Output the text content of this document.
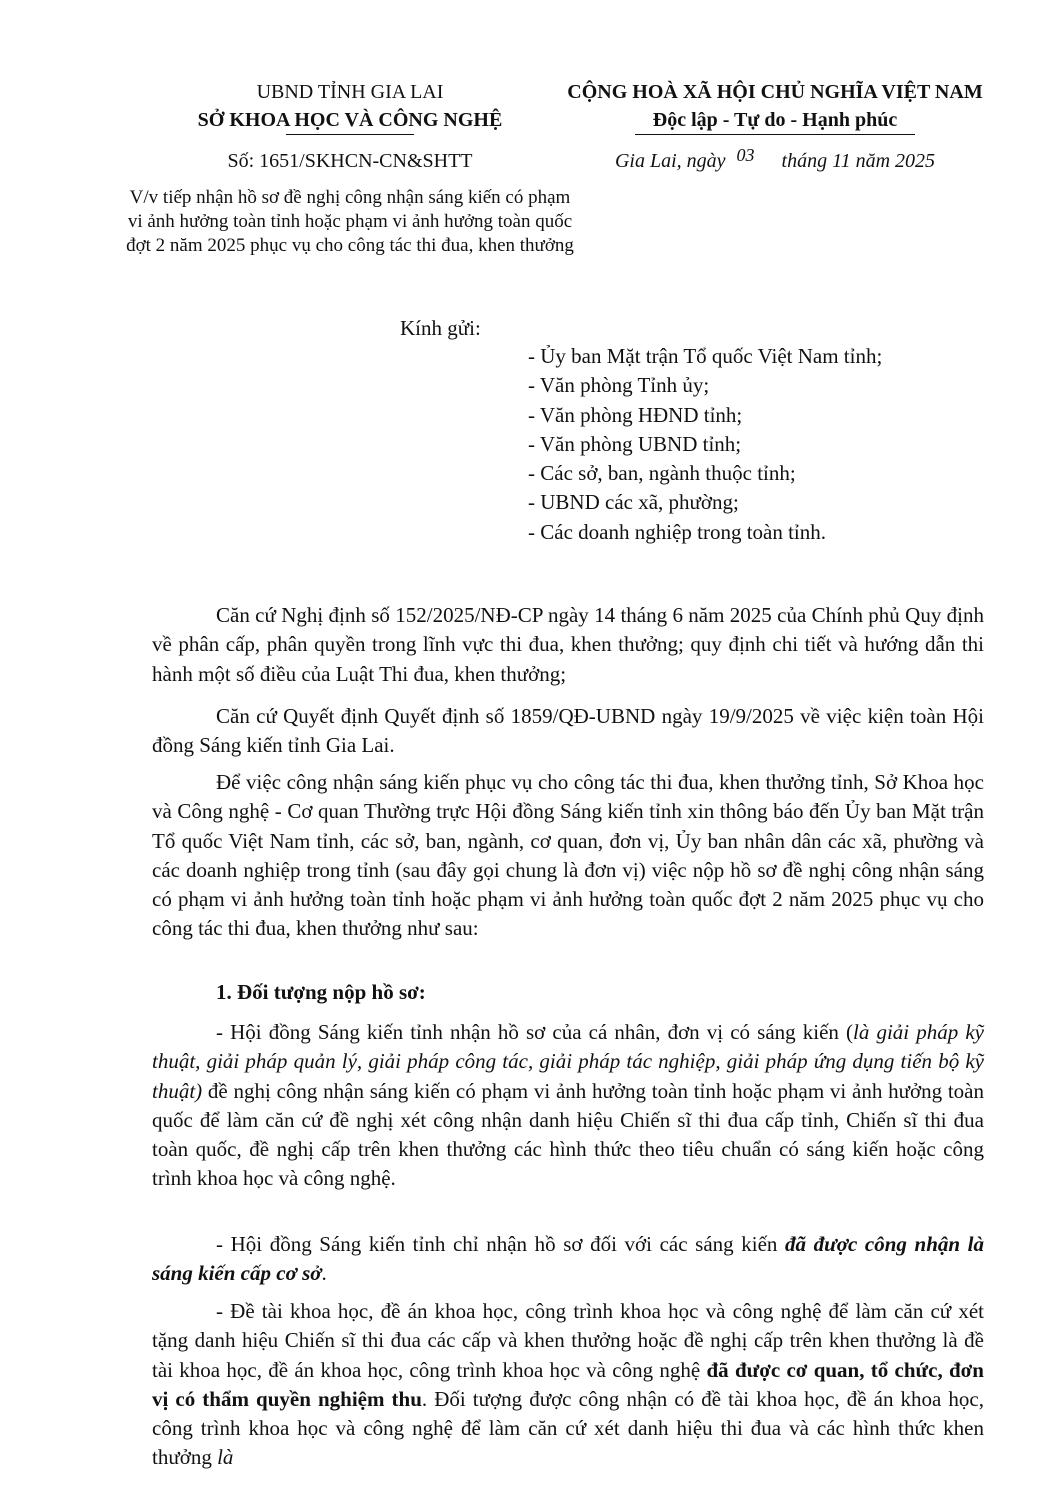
UBND TỈNH GIA LAI
SỞ KHOA HỌC VÀ CÔNG NGHỆ
CỘNG HOÀ XÃ HỘI CHỦ NGHĨA VIỆT NAM
Độc lập - Tự do - Hạnh phúc
Số: 1651/SKHCN-CN&SHTT	Gia Lai, ngày 03 tháng 11 năm 2025
V/v tiếp nhận hồ sơ đề nghị công nhận sáng kiến có phạm vi ảnh hưởng toàn tỉnh hoặc phạm vi ảnh hưởng toàn quốc đợt 2 năm 2025 phục vụ cho công tác thi đua, khen thưởng
Kính gửi:
- Ủy ban Mặt trận Tổ quốc Việt Nam tỉnh;
- Văn phòng Tỉnh ủy;
- Văn phòng HĐND tỉnh;
- Văn phòng UBND tỉnh;
- Các sở, ban, ngành thuộc tỉnh;
- UBND các xã, phường;
- Các doanh nghiệp trong toàn tỉnh.

Căn cứ Nghị định số 152/2025/NĐ-CP ngày 14 tháng 6 năm 2025 của Chính phủ Quy định về phân cấp, phân quyền trong lĩnh vực thi đua, khen thưởng; quy định chi tiết và hướng dẫn thi hành một số điều của Luật Thi đua, khen thưởng;

Căn cứ Quyết định Quyết định số 1859/QĐ-UBND ngày 19/9/2025 về việc kiện toàn Hội đồng Sáng kiến tỉnh Gia Lai.

Để việc công nhận sáng kiến phục vụ cho công tác thi đua, khen thưởng tỉnh, Sở Khoa học và Công nghệ - Cơ quan Thường trực Hội đồng Sáng kiến tỉnh xin thông báo đến Ủy ban Mặt trận Tổ quốc Việt Nam tỉnh, các sở, ban, ngành, cơ quan, đơn vị, Ủy ban nhân dân các xã, phường và các doanh nghiệp trong tỉnh (sau đây gọi chung là đơn vị) việc nộp hồ sơ đề nghị công nhận sáng có phạm vi ảnh hưởng toàn tỉnh hoặc phạm vi ảnh hưởng toàn quốc đợt 2 năm 2025 phục vụ cho công tác thi đua, khen thưởng như sau:

1. Đối tượng nộp hồ sơ:

- Hội đồng Sáng kiến tỉnh nhận hồ sơ của cá nhân, đơn vị có sáng kiến (là giải pháp kỹ thuật, giải pháp quản lý, giải pháp công tác, giải pháp tác nghiệp, giải pháp ứng dụng tiến bộ kỹ thuật) đề nghị công nhận sáng kiến có phạm vi ảnh hưởng toàn tỉnh hoặc phạm vi ảnh hưởng toàn quốc để làm căn cứ đề nghị xét công nhận danh hiệu Chiến sĩ thi đua cấp tỉnh, Chiến sĩ thi đua toàn quốc, đề nghị cấp trên khen thưởng các hình thức theo tiêu chuẩn có sáng kiến hoặc công trình khoa học và công nghệ.

- Hội đồng Sáng kiến tỉnh chỉ nhận hồ sơ đối với các sáng kiến đã được công nhận là sáng kiến cấp cơ sở.

- Đề tài khoa học, đề án khoa học, công trình khoa học và công nghệ để làm căn cứ xét tặng danh hiệu Chiến sĩ thi đua các cấp và khen thưởng hoặc đề nghị cấp trên khen thưởng là đề tài khoa học, đề án khoa học, công trình khoa học và công nghệ đã được cơ quan, tổ chức, đơn vị có thẩm quyền nghiệm thu. Đối tượng được công nhận có đề tài khoa học, đề án khoa học, công trình khoa học và công nghệ để làm căn cứ xét danh hiệu thi đua và các hình thức khen thưởng là
